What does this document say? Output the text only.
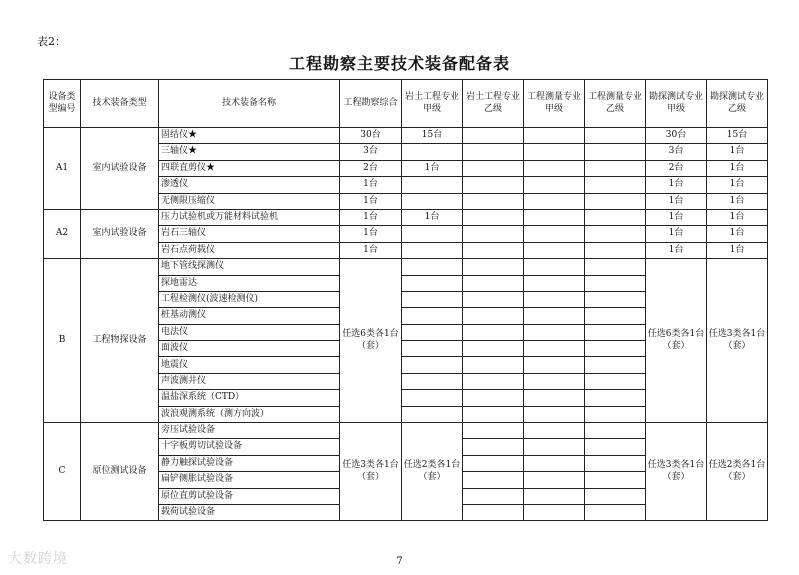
表2：
工程勘察主要技术装备配备表
设备类型编号	技术装备类型	技术装备名称	工程勘察综合	岩土工程专业甲级	岩土工程专业乙级	工程测量专业甲级	工程测量专业乙级	勘探测试专业甲级	勘探测试专业乙级
A1	室内试验设备	固结仪★	30台	15台				30台	15台
		三轴仪★	3台					3台	1台
		四联直剪仪★	2台	1台				2台	1台
		渗透仪	1台					1台	1台
		无侧限压缩仪	1台					1台	1台
A2	室内试验设备	压力试验机或万能材料试验机	1台	1台				1台	1台
		岩石三轴仪	1台					1台	1台
		岩石点荷载仪	1台					1台	1台
B	工程物探设备	地下管线探测仪	任选6类各1台（套）					任选6类各1台（套）	任选3类各1台（套）
		探地雷达							
		工程检测仪(波速检测仪)							
		桩基动测仪							
		电法仪							
		面波仪							
		地震仪							
		声波测井仪							
		温盐深系统（CTD）							
		波浪观测系统（测方向波）							
C	原位测试设备	旁压试验设备	任选3类各1台（套）	任选2类各1台（套）				任选3类各1台（套）	任选2类各1台（套）
		十字板剪切试验设备							
		静力触探试验设备							
		扁铲侧胀试验设备							
		原位直剪试验设备							
		载荷试验设备							
7
大数跨境
